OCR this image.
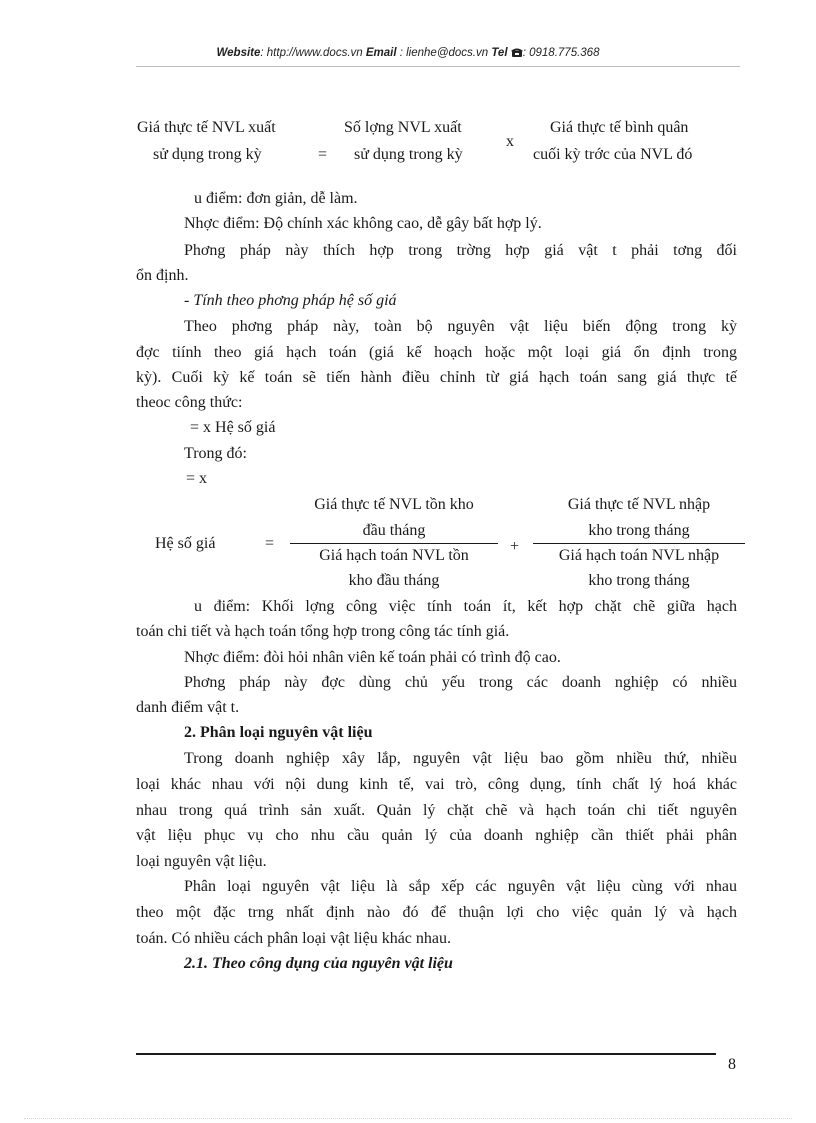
Website: http://www.docs.vn Email : lienhe@docs.vn Tel : 0918.775.368
Giá thực tế NVL xuất
sử dụng trong kỳ	=
Số lợng NVL xuất
sử dụng trong kỳ
x
Giá thực tế bình quân
cuối kỳ trớc của NVL đó
u điểm: đơn giản, dễ làm.
Nhợc điểm: Độ chính xác không cao, dễ gây bất hợp lý.
Phơng pháp này thích hợp trong trờng hợp giá vật t phải tơng đối
ổn định.
- Tính theo phơng pháp hệ số giá
Theo phơng pháp này, toàn bộ nguyên vật liệu biến động trong kỳ
đợc tiính theo giá hạch toán (giá kế hoạch hoặc một loại giá ổn định trong
kỳ). Cuối kỳ kế toán sẽ tiến hành điều chỉnh từ giá hạch toán sang giá thực tế
theoc công thức:
= x Hệ số giá
Trong đó:
= x
Hệ số giá	=
Giá thực tế NVL tồn kho
đầu tháng
Giá hạch toán NVL tồn
kho đầu tháng
+
Giá thực tế NVL nhập
kho trong tháng
Giá hạch toán NVL nhập
kho trong tháng
u điểm: Khối lợng công việc tính toán ít, kết hợp chặt chẽ giữa hạch
toán chi tiết và hạch toán tổng hợp trong công tác tính giá.
Nhợc điểm: đòi hỏi nhân viên kế toán phải có trình độ cao.
Phơng pháp này đợc dùng chủ yếu trong các doanh nghiệp có nhiều
danh điểm vật t.
2. Phân loại nguyên vật liệu
Trong doanh nghiệp xây lắp, nguyên vật liệu bao gồm nhiều thứ, nhiều
loại khác nhau với nội dung kinh tế, vai trò, công dụng, tính chất lý hoá khác
nhau trong quá trình sản xuất. Quản lý chặt chẽ và hạch toán chi tiết nguyên
vật liệu phục vụ cho nhu cầu quản lý của doanh nghiệp cần thiết phải phân
loại nguyên vật liệu.
Phân loại nguyên vật liệu là sắp xếp các nguyên vật liệu cùng với nhau
theo một đặc trng nhất định nào đó để thuận lợi cho việc quản lý và hạch
toán. Có nhiều cách phân loại vật liệu khác nhau.
2.1. Theo công dụng của nguyên vật liệu
8
